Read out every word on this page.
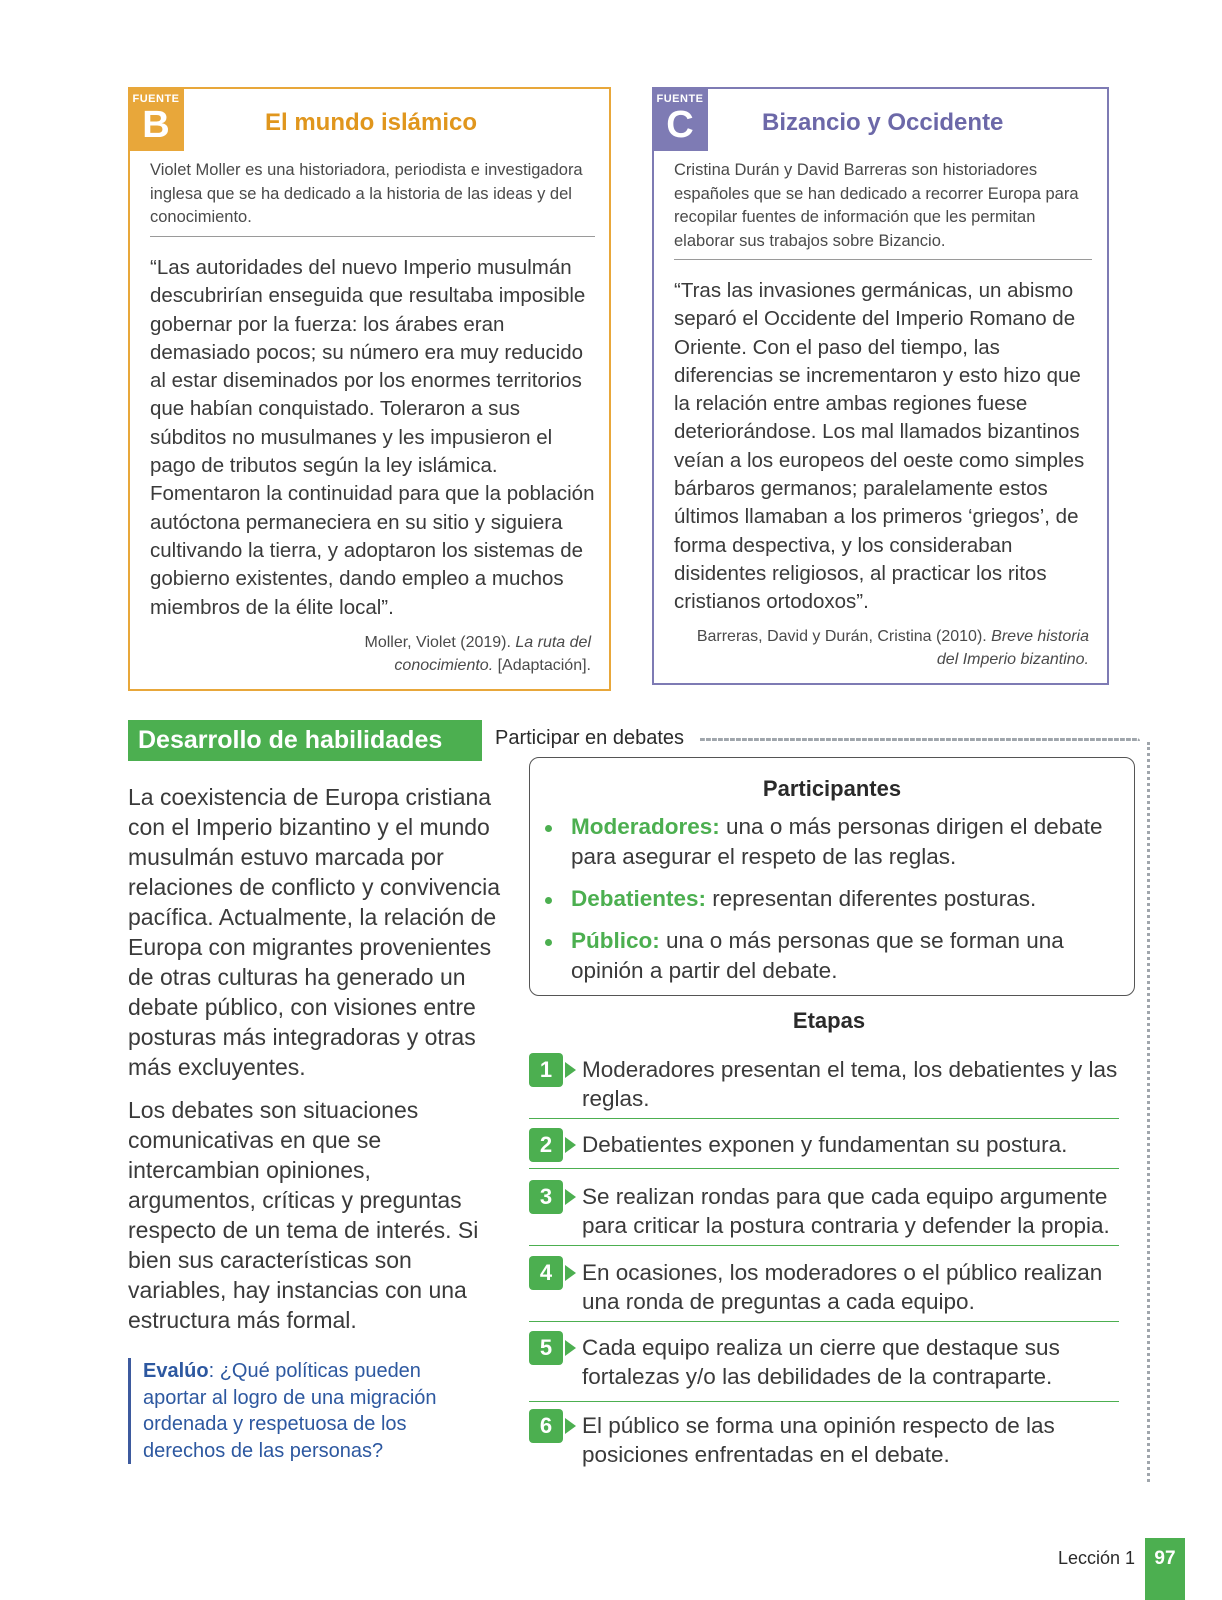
FUENTE
B	El mundo islámico
Violet Moller es una historiadora, periodista e investigadora inglesa que se ha dedicado a la historia de las ideas y del conocimiento.
“Las autoridades del nuevo Imperio musulmán descubrirían enseguida que resultaba imposible gobernar por la fuerza: los árabes eran demasiado pocos; su número era muy reducido al estar diseminados por los enormes territorios que habían conquistado. Toleraron a sus súbditos no musulmanes y les impusieron el pago de tributos según la ley islámica. Fomentaron la continuidad para que la población autóctona permaneciera en su sitio y siguiera cultivando la tierra, y adoptaron los sistemas de gobierno existentes, dando empleo a muchos miembros de la élite local”.
Moller, Violet (2019). La ruta del conocimiento. [Adaptación].
FUENTE
C	Bizancio y Occidente
Cristina Durán y David Barreras son historiadores españoles que se han dedicado a recorrer Europa para recopilar fuentes de información que les permitan elaborar sus trabajos sobre Bizancio.
“Tras las invasiones germánicas, un abismo separó el Occidente del Imperio Romano de Oriente. Con el paso del tiempo, las diferencias se incrementaron y esto hizo que la relación entre ambas regiones fuese deteriorándose. Los mal llamados bizantinos veían a los europeos del oeste como simples bárbaros germanos; paralelamente estos últimos llamaban a los primeros ‘griegos’, de forma despectiva, y los consideraban disidentes religiosos, al practicar los ritos cristianos ortodoxos”.
Barreras, David y Durán, Cristina (2010). Breve historia del Imperio bizantino.
Desarrollo de habilidades	Participar en debates
La coexistencia de Europa cristiana con el Imperio bizantino y el mundo musulmán estuvo marcada por relaciones de conflicto y convivencia pacífica. Actualmente, la relación de Europa con migrantes provenientes de otras culturas ha generado un debate público, con visiones entre posturas más integradoras y otras más excluyentes.
Los debates son situaciones comunicativas en que se intercambian opiniones, argumentos, críticas y preguntas respecto de un tema de interés. Si bien sus características son variables, hay instancias con una estructura más formal.
Evalúo: ¿Qué políticas pueden aportar al logro de una migración ordenada y respetuosa de los derechos de las personas?
Participantes
Moderadores: una o más personas dirigen el debate para asegurar el respeto de las reglas.
Debatientes: representan diferentes posturas.
Público: una o más personas que se forman una opinión a partir del debate.
Etapas
1	Moderadores presentan el tema, los debatientes y las reglas.
2	Debatientes exponen y fundamentan su postura.
3	Se realizan rondas para que cada equipo argumente para criticar la postura contraria y defender la propia.
4	En ocasiones, los moderadores o el público realizan una ronda de preguntas a cada equipo.
5	Cada equipo realiza un cierre que destaque sus fortalezas y/o las debilidades de la contraparte.
6	El público se forma una opinión respecto de las posiciones enfrentadas en el debate.
Lección 1	97
